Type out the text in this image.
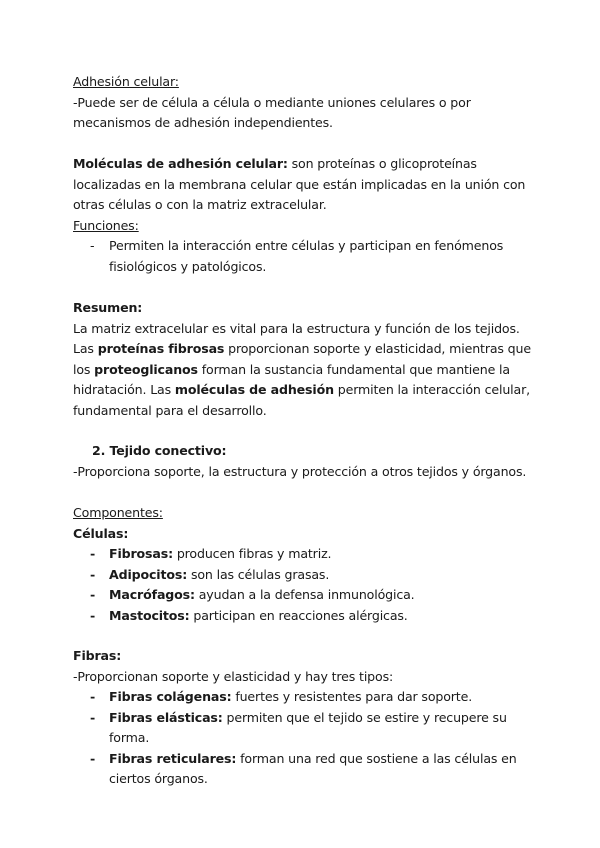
Adhesión celular:
-Puede ser de célula a célula o mediante uniones celulares o por mecanismos de adhesión independientes.
Moléculas de adhesión celular: son proteínas o glicoproteínas localizadas en la membrana celular que están implicadas en la unión con otras células o con la matriz extracelular.
Funciones:
- Permiten la interacción entre células y participan en fenómenos fisiológicos y patológicos.
Resumen:
La matriz extracelular es vital para la estructura y función de los tejidos. Las proteínas fibrosas proporcionan soporte y elasticidad, mientras que los proteoglicanos forman la sustancia fundamental que mantiene la hidratación. Las moléculas de adhesión permiten la interacción celular, fundamental para el desarrollo.
2. Tejido conectivo:
-Proporciona soporte, la estructura y protección a otros tejidos y órganos.
Componentes:
Células:
- Fibrosas: producen fibras y matriz.
- Adipocitos: son las células grasas.
- Macrófagos: ayudan a la defensa inmunológica.
- Mastocitos: participan en reacciones alérgicas.
Fibras:
-Proporcionan soporte y elasticidad y hay tres tipos:
- Fibras colágenas: fuertes y resistentes para dar soporte.
- Fibras elásticas: permiten que el tejido se estire y recupere su forma.
- Fibras reticulares: forman una red que sostiene a las células en ciertos órganos.
